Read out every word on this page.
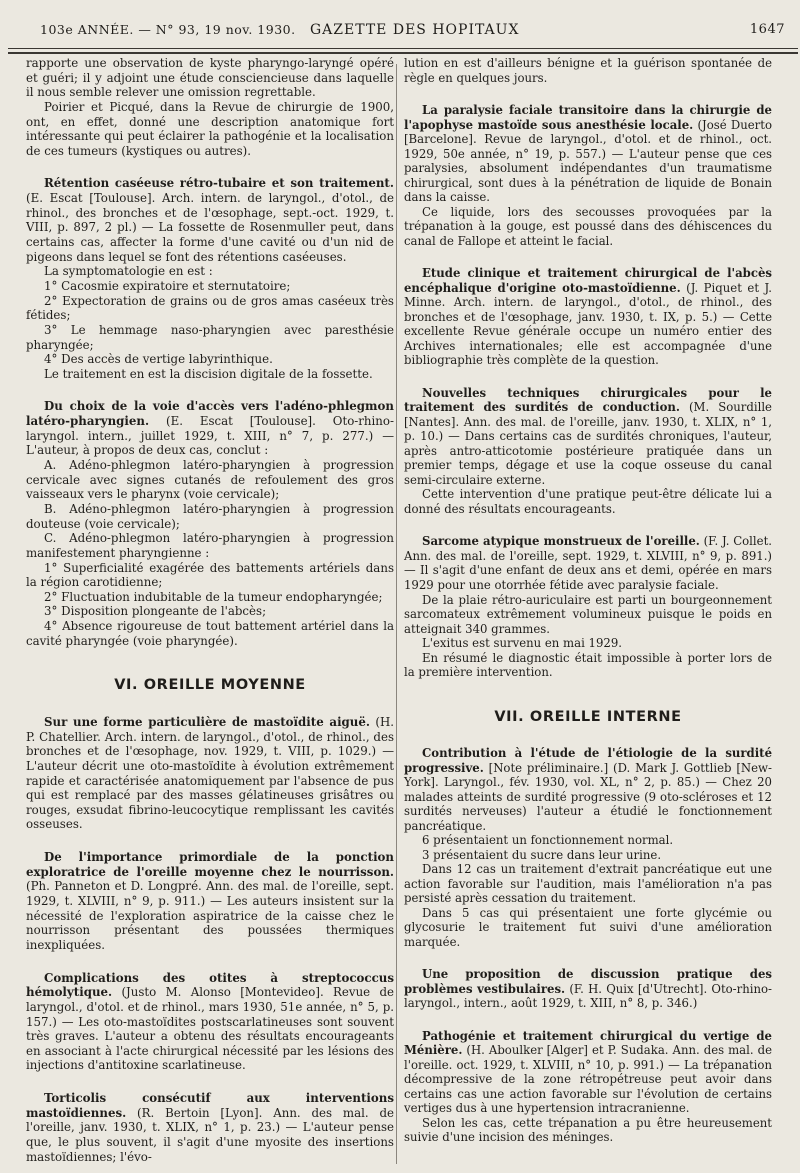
103e ANNÉE. — N° 93, 19 nov. 1930. GAZETTE DES HOPITAUX	1647

rapporte une observation de kyste pharyngo-laryngé opéré et guéri; il y adjoint une étude consciencieuse dans laquelle il nous semble relever une omission regrettable.

Poirier et Picqué, dans la Revue de chirurgie de 1900, ont, en effet, donné une description anatomique fort intéressante qui peut éclairer la pathogénie et la localisation de ces tumeurs (kystiques ou autres).

Rétention caséeuse rétro-tubaire et son traitement. (E. Escat [Toulouse]. Arch. intern. de laryngol., d'otol., de rhinol., des bronches et de l'œsophage, sept.-oct. 1929, t. VIII, p. 897, 2 pl.) — La fossette de Rosenmuller peut, dans certains cas, affecter la forme d'une cavité ou d'un nid de pigeons dans lequel se font des rétentions caséeuses.

La symptomatologie en est :

1° Cacosmie expiratoire et sternutatoire;

2° Expectoration de grains ou de gros amas caséeux très fétides;

3° Le hemmage naso-pharyngien avec paresthésie pharyngée;

4° Des accès de vertige labyrinthique.

Le traitement en est la discision digitale de la fossette.

Du choix de la voie d'accès vers l'adéno-phlegmon latéro-pharyngien. (E. Escat [Toulouse]. Oto-rhino-laryngol. intern., juillet 1929, t. XIII, n° 7, p. 277.) — L'auteur, à propos de deux cas, conclut :

A. Adéno-phlegmon latéro-pharyngien à progression cervicale avec signes cutanés de refoulement des gros vaisseaux vers le pharynx (voie cervicale);

B. Adéno-phlegmon latéro-pharyngien à progression douteuse (voie cervicale);

C. Adéno-phlegmon latéro-pharyngien à progression manifestement pharyngienne :

1° Superficialité exagérée des battements artériels dans la région carotidienne;

2° Fluctuation indubitable de la tumeur endopharyngée;

3° Disposition plongeante de l'abcès;

4° Absence rigoureuse de tout battement artériel dans la cavité pharyngée (voie pharyngée).

VI. OREILLE MOYENNE

Sur une forme particulière de mastoïdite aiguë. (H. P. Chatellier. Arch. intern. de laryngol., d'otol., de rhinol., des bronches et de l'œsophage, nov. 1929, t. VIII, p. 1029.) — L'auteur décrit une oto-mastoïdite à évolution extrêmement rapide et caractérisée anatomiquement par l'absence de pus qui est remplacé par des masses gélatineuses grisâtres ou rouges, exsudat fibrino-leucocytique remplissant les cavités osseuses.

De l'importance primordiale de la ponction exploratrice de l'oreille moyenne chez le nourrisson. (Ph. Panneton et D. Longpré. Ann. des mal. de l'oreille, sept. 1929, t. XLVIII, n° 9, p. 911.) — Les auteurs insistent sur la nécessité de l'exploration aspiratrice de la caisse chez le nourrisson présentant des poussées thermiques inexpliquées.

Complications des otites à streptococcus hémolytique. (Justo M. Alonso [Montevideo]. Revue de laryngol., d'otol. et de rhinol., mars 1930, 51e année, n° 5, p. 157.) — Les oto-mastoïdites postscarlatineuses sont souvent très graves. L'auteur a obtenu des résultats encourageants en associant à l'acte chirurgical nécessité par les lésions des injections d'antitoxine scarlatineuse.

Torticolis consécutif aux interventions mastoïdiennes. (R. Bertoin [Lyon]. Ann. des mal. de l'oreille, janv. 1930, t. XLIX, n° 1, p. 23.) — L'auteur pense que, le plus souvent, il s'agit d'une myosite des insertions mastoïdiennes; l'évo-

lution en est d'ailleurs bénigne et la guérison spontanée de règle en quelques jours.

La paralysie faciale transitoire dans la chirurgie de l'apophyse mastoïde sous anesthésie locale. (José Duerto [Barcelone]. Revue de laryngol., d'otol. et de rhinol., oct. 1929, 50e année, n° 19, p. 557.) — L'auteur pense que ces paralysies, absolument indépendantes d'un traumatisme chirurgical, sont dues à la pénétration de liquide de Bonain dans la caisse.

Ce liquide, lors des secousses provoquées par la trépanation à la gouge, est poussé dans des déhiscences du canal de Fallope et atteint le facial.

Etude clinique et traitement chirurgical de l'abcès encéphalique d'origine oto-mastoïdienne. (J. Piquet et J. Minne. Arch. intern. de laryngol., d'otol., de rhinol., des bronches et de l'œsophage, janv. 1930, t. IX, p. 5.) — Cette excellente Revue générale occupe un numéro entier des Archives internationales; elle est accompagnée d'une bibliographie très complète de la question.

Nouvelles techniques chirurgicales pour le traitement des surdités de conduction. (M. Sourdille [Nantes]. Ann. des mal. de l'oreille, janv. 1930, t. XLIX, n° 1, p. 10.) — Dans certains cas de surdités chroniques, l'auteur, après antro-atticotomie postérieure pratiquée dans un premier temps, dégage et use la coque osseuse du canal semi-circulaire externe.

Cette intervention d'une pratique peut-être délicate lui a donné des résultats encourageants.

Sarcome atypique monstrueux de l'oreille. (F. J. Collet. Ann. des mal. de l'oreille, sept. 1929, t. XLVIII, n° 9, p. 891.) — Il s'agit d'une enfant de deux ans et demi, opérée en mars 1929 pour une otorrhée fétide avec paralysie faciale.

De la plaie rétro-auriculaire est parti un bourgeonnement sarcomateux extrêmement volumineux puisque le poids en atteignait 340 grammes.

L'exitus est survenu en mai 1929.

En résumé le diagnostic était impossible à porter lors de la première intervention.

VII. OREILLE INTERNE

Contribution à l'étude de l'étiologie de la surdité progressive. [Note préliminaire.] (D. Mark J. Gottlieb [New-York]. Laryngol., fév. 1930, vol. XL, n° 2, p. 85.) — Chez 20 malades atteints de surdité progressive (9 oto-scléroses et 12 surdités nerveuses) l'auteur a étudié le fonctionnement pancréatique.

6 présentaient un fonctionnement normal.

3 présentaient du sucre dans leur urine.

Dans 12 cas un traitement d'extrait pancréatique eut une action favorable sur l'audition, mais l'amélioration n'a pas persisté après cessation du traitement.

Dans 5 cas qui présentaient une forte glycémie ou glycosurie le traitement fut suivi d'une amélioration marquée.

Une proposition de discussion pratique des problèmes vestibulaires. (F. H. Quix [d'Utrecht]. Oto-rhino-laryngol., intern., août 1929, t. XIII, n° 8, p. 346.)

Pathogénie et traitement chirurgical du vertige de Ménière. (H. Aboulker [Alger] et P. Sudaka. Ann. des mal. de l'oreille. oct. 1929, t. XLVIII, n° 10, p. 991.) — La trépanation décompressive de la zone rétropétreuse peut avoir dans certains cas une action favorable sur l'évolution de certains vertiges dus à une hypertension intracranienne.

Selon les cas, cette trépanation a pu être heureusement suivie d'une incision des méninges.
